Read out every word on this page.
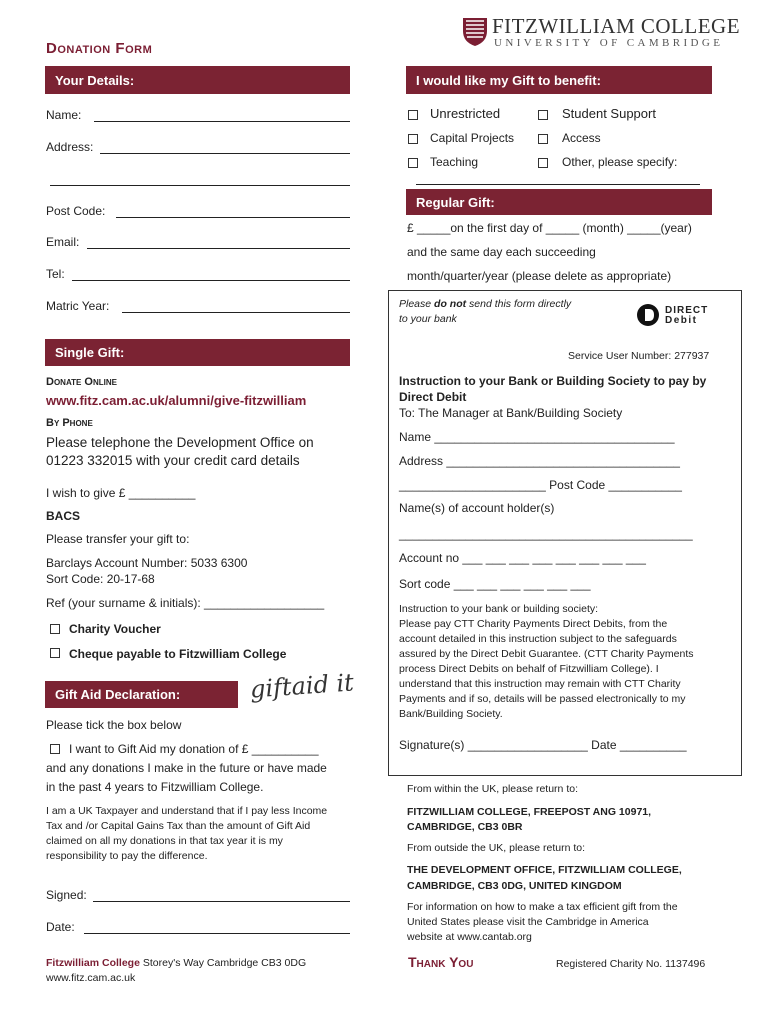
FITZWILLIAM COLLEGE
UNIVERSITY OF CAMBRIDGE
Donation Form
Your Details:
Name:
Address:
Post Code:
Email:
Tel:
Matric Year:
I would like my Gift to benefit:
Unrestricted	Student Support
Capital Projects	Access
Teaching	Other, please specify:
Regular Gift:
£ _____on the first day of _____ (month) _____(year)
and the same day each succeeding
month/quarter/year (please delete as appropriate)
Single Gift:
Donate Online
www.fitz.cam.ac.uk/alumni/give-fitzwilliam
By Phone
Please telephone the Development Office on
01223 332015 with your credit card details
I wish to give £ __________
BACS
Please transfer your gift to:
Barclays Account Number: 5033 6300
Sort Code: 20-17-68
Ref (your surname & initials): __________________
Charity Voucher
Cheque payable to Fitzwilliam College
Gift Aid Declaration:	giftaid it
Please tick the box below
I want to Gift Aid my donation of £ __________
and any donations I make in the future or have made
in the past 4 years to Fitzwilliam College.
I am a UK Taxpayer and understand that if I pay less Income
Tax and /or Capital Gains Tax than the amount of Gift Aid
claimed on all my donations in that tax year it is my
responsibility to pay the difference.
Signed:
Date:
Please do not send this form directly
to your bank
DIRECT
Debit
Service User Number: 277937
Instruction to your Bank or Building Society to pay by
Direct Debit
To: The Manager at Bank/Building Society
Name ____________________________________
Address ___________________________________
______________________ Post Code ___________
Name(s) of account holder(s)
____________________________________________
Account no ___ ___ ___ ___ ___ ___ ___ ___
Sort code ___ ___ ___ ___ ___ ___
Instruction to your bank or building society:
Please pay CTT Charity Payments Direct Debits, from the
account detailed in this instruction subject to the safeguards
assured by the Direct Debit Guarantee. (CTT Charity Payments
process Direct Debits on behalf of Fitzwilliam College). I
understand that this instruction may remain with CTT Charity
Payments and if so, details will be passed electronically to my
Bank/Building Society.
Signature(s) __________________ Date __________
From within the UK, please return to:
FITZWILLIAM COLLEGE, FREEPOST ANG 10971,
CAMBRIDGE, CB3 0BR
From outside the UK, please return to:
THE DEVELOPMENT OFFICE, FITZWILLIAM COLLEGE,
CAMBRIDGE, CB3 0DG, UNITED KINGDOM
For information on how to make a tax efficient gift from the
United States please visit the Cambridge in America
website at www.cantab.org
Fitzwilliam College Storey's Way Cambridge CB3 0DG
www.fitz.cam.ac.uk
Thank You	Registered Charity No. 1137496
